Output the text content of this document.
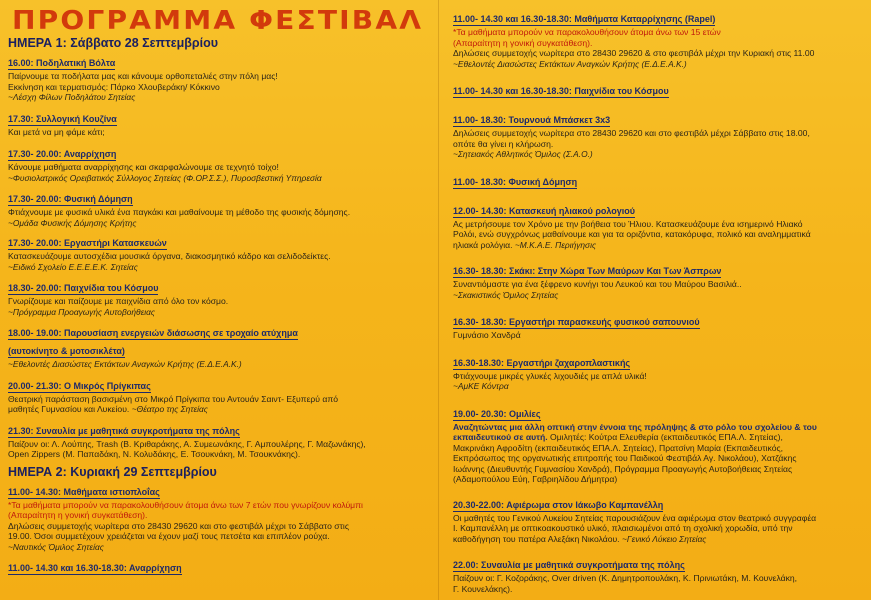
ΠΡΟΓΡΑΜΜΑ ΦΕΣΤΙΒΑΛ
ΗΜΕΡΑ 1: Σάββατο 28 Σεπτεμβρίου
16.00: Ποδηλατική Βόλτα
Παίρνουμε τα ποδήλατα μας και κάνουμε ορθοπεταλιές στην πόλη μας!
Εκκίνηση και τερματισμός: Πάρκο Χλουβεράκη/ Κόκκινο
~Λέσχη Φίλων Ποδηλάτου Σητείας
17.30: Συλλογική Κουζίνα
Και μετά να μη φάμε κάτι;
17.30- 20.00: Αναρρίχηση
Κάνουμε μαθήματα αναρρίχησης και σκαρφαλώνουμε σε τεχνητό τοίχο!
~Φυσιολατρικός Ορειβατικός Σύλλογος Σητείας (Φ.ΟΡ.Σ.Σ.), Πυροσβεστική Υπηρεσία
17.30- 20.00: Φυσική Δόμηση
Φτιάχνουμε με φυσικά υλικά ένα παγκάκι και μαθαίνουμε τη μέθοδο της φυσικής δόμησης.
~Ομάδα Φυσικής Δόμησης Κρήτης
17.30- 20.00: Εργαστήρι Κατασκευών
Κατασκευάζουμε αυτοσχέδια μουσικά όργανα, διακοσμητικό κάδρο και σελιδοδείκτες.
~Ειδικό Σχολείο Ε.Ε.Ε.Ε.Κ. Σητείας
18.30- 20.00: Παιχνίδια του Κόσμου
Γνωρίζουμε και παίζουμε με παιχνίδια από όλο τον κόσμο.
~Πρόγραμμα Προαγωγής Αυτοβοήθειας
18.00- 19.00: Παρουσίαση ενεργειών διάσωσης σε τροχαίο ατύχημα
(αυτοκίνητο & μοτοσικλέτα)
~Εθελοντές Διασώστες Εκτάκτων Αναγκών Κρήτης (Ε.Δ.Ε.Α.Κ.)
20.00- 21.30: Ο Μικρός Πρίγκιπας
Θεατρική παράσταση βασισμένη στο Μικρό Πρίγκιπα του Αντουάν Σαιντ- Εξυπερύ από
μαθητές Γυμνασίου και Λυκείου. ~Θέατρο της Σητείας
21.30: Συναυλία με μαθητικά συγκροτήματα της πόλης
Παίζουν οι: Λ. Λούπης, Trash (Β. Κριθαράκης, Α. Συμεωνάκης, Γ. Αμπουλέρης, Γ. Μαζωνάκης),
Open Zippers (Μ. Παπαδάκη, Ν. Κολυδάκης, Ε. Τσουκνάκη, Μ. Τσουκνάκης).
ΗΜΕΡΑ 2: Κυριακή 29 Σεπτεμβρίου
11.00- 14.30: Μαθήματα ιστιοπλοΐας
*Τα μαθήματα μπορούν να παρακολουθήσουν άτομα άνω των 7 ετών που γνωρίζουν κολύμπι
(Απαραίτητη η γονική συγκατάθεση).
Δηλώσεις συμμετοχής νωρίτερα στο 28430 29620 και στο φεστιβάλ μέχρι το Σάββατο στις
19.00. Όσοι συμμετέχουν χρειάζεται να έχουν μαζί τους πετσέτα και επιπλέον ρούχα.
~Ναυτικός Όμιλος Σητείας
11.00- 14.30 και 16.30-18.30: Αναρρίχηση
11.00- 14.30 και 16.30-18.30: Μαθήματα Καταρρίχησης (Rapel)
*Τα μαθήματα μπορούν να παρακολουθήσουν άτομα άνω των 15 ετών
(Απαραίτητη η γονική συγκατάθεση).
Δηλώσεις συμμετοχής νωρίτερα στο 28430 29620 & στο φεστιβάλ μέχρι την Κυριακή στις 11.00
~Εθελοντές Διασώστες Εκτάκτων Αναγκών Κρήτης (Ε.Δ.Ε.Α.Κ.)
11.00- 14.30 και 16.30-18.30: Παιχνίδια του Κόσμου
11.00- 18.30: Τουρνουά Μπάσκετ 3x3
Δηλώσεις συμμετοχής νωρίτερα στο 28430 29620 και στο φεστιβάλ μέχρι Σάββατο στις 18.00,
οπότε θα γίνει η κλήρωση.
~Σητειακός Αθλητικός Όμιλος (Σ.Α.Ο.)
11.00- 18.30: Φυσική Δόμηση
12.00- 14.30: Κατασκευή ηλιακού ρολογιού
Ας μετρήσουμε τον Χρόνο με την βοήθεια του Ήλιου. Κατασκευάζουμε ένα ισημερινό Ηλιακό
Ρολόι, ενώ συγχρόνως μαθαίνουμε και για τα οριζόντια, κατακόρυφα, πολικό και αναλημματικά
ηλιακά ρολόγια. ~Μ.Κ.Α.Ε. Περιήγησις
16.30- 18.30: Σκάκι: Στην Χώρα Των Μαύρων Και Των Άσπρων
Συναντιόμαστε για ένα ξέφρενο κυνήγι του Λευκού και του Μαύρου Βασιλιά..
~Σκακιστικός Όμιλος Σητείας
16.30- 18.30: Εργαστήρι παρασκευής φυσικού σαπουνιού
Γυμνάσιο Χανδρά
16.30-18.30: Εργαστήρι ζαχαροπλαστικής
Φτιάχνουμε μικρές γλυκές λιχουδιές με απλά υλικά!
~ΑμΚΕ Κόντρα
19.00- 20.30: Ομιλίες
Αναζητώντας μια άλλη οπτική στην έννοια της πρόληψης & στο ρόλο του σχολείου & του
εκπαιδευτικού σε αυτή. Ομιλητές: Κούτρα Ελευθερία (εκπαιδευτικός ΕΠΑ.Λ. Σητείας),
Μακρινάκη Αφροδίτη (εκπαιδευτικός ΕΠΑ.Λ. Σητείας), Πρατσίνη Μαρία (Εκπαιδευτικός,
Εκπρόσωπος της οργανωτικής επιτροπής του Παιδικού Φεστιβάλ Αγ. Νικολάου), Χατζάκης
Ιωάννης (Διευθυντής Γυμνασίου Χανδρά), Πρόγραμμα Προαγωγής Αυτοβοήθειας Σητείας
(Αδαμοπούλου Εύη, Γαβριηλίδου Δήμητρα)
20.30-22.00: Αφιέρωμα στον Ιάκωβο Καμπανέλλη
Οι μαθητές του Γενικού Λυκείου Σητείας παρουσιάζουν ένα αφιέρωμα στον θεατρικό συγγραφέα
Ι. Καμπανέλλη με οπτικοακουστικό υλικό, πλαισιωμένοι από τη σχολική χορωδία, υπό την
καθοδήγηση του πατέρα Αλεξάκη Νικολάου. ~Γενικό Λύκειο Σητείας
22.00: Συναυλία με μαθητικά συγκροτήματα της πόλης
Παίζουν οι: Γ. Κοζοράκης, Over driven (Κ. Δημητροπουλάκη, Κ. Πρινιωτάκη, Μ. Κουνελάκη,
Γ. Κουνελάκης).
